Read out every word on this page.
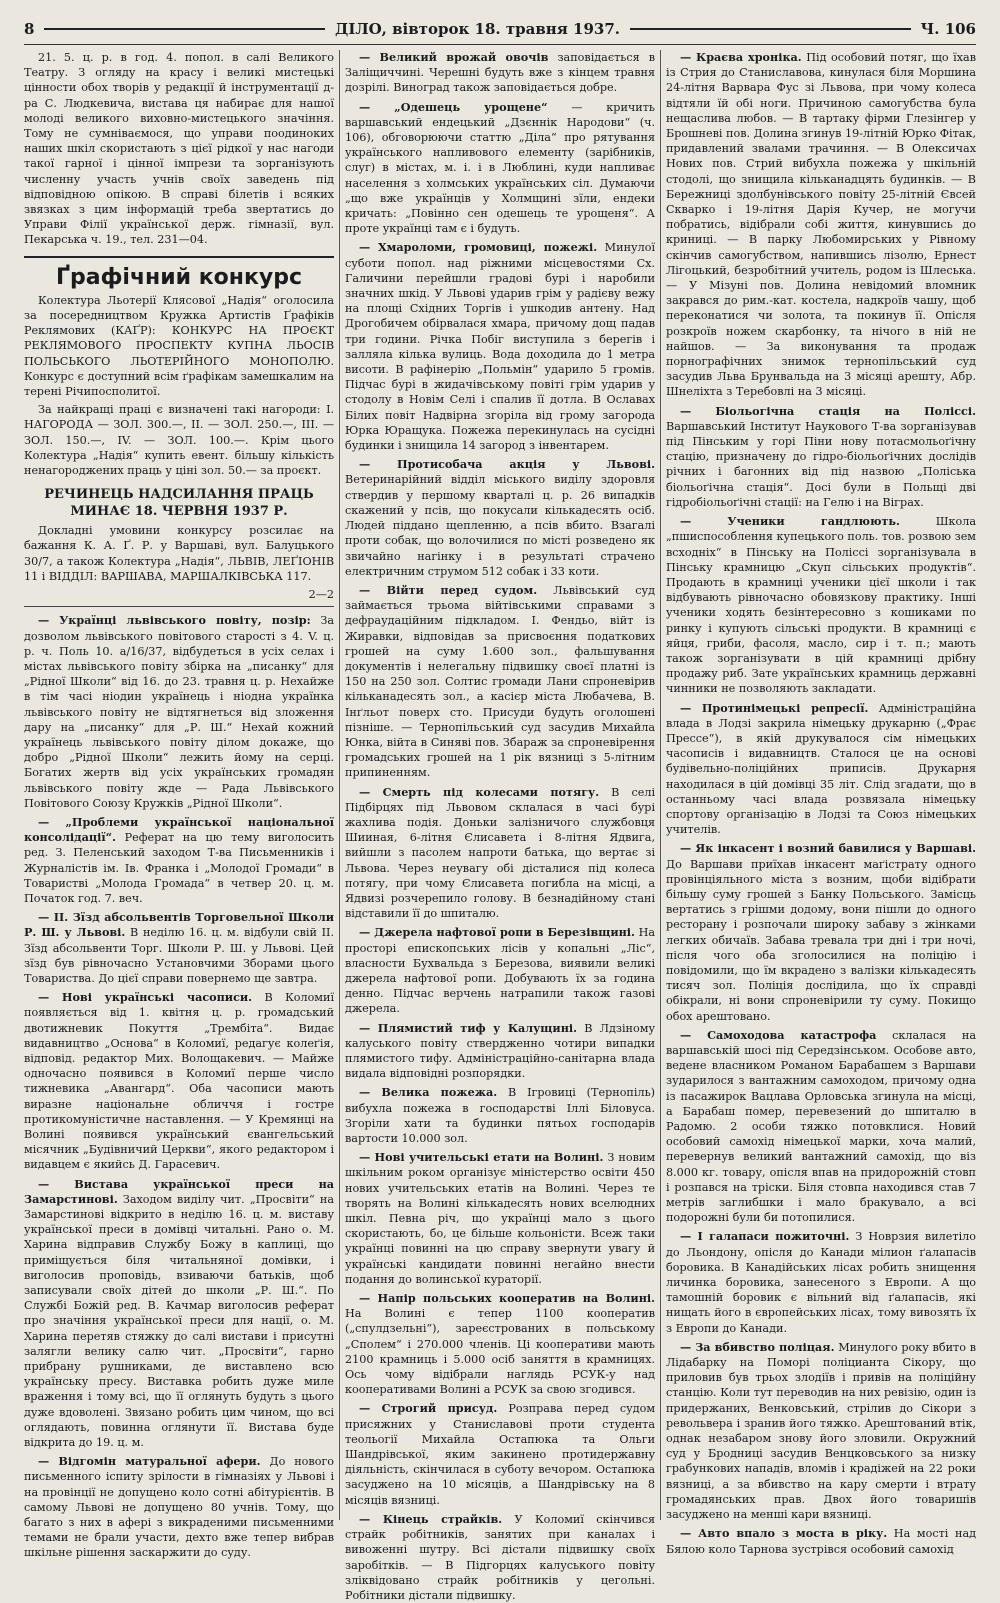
8	ДІЛО, вівторок 18. травня 1937.	Ч. 106

21. 5. ц. р. в год. 4. попол. в салі Великого Театру. З огляду на красу і великі мистецькі цінности обох творів у редакції й інструментації д-ра С. Людкевича, вистава ця набирає для нашої молоді великого виховно-мистецького значіння. Тому не сумніваємося, що управи поодиноких наших шкіл скористають з цієї рідкої у нас нагоди такої гарної і цінної імпрези та зорганізують численну участь учнів своїх заведень під відповідною опікою. В справі білетів і всяких звязках з цим інформацій треба звертатись до Управи Філії української держ. гімназії, вул. Пекарська ч. 19., тел. 231—04.

Ґрафічний конкурс

Колектура Льотерії Клясової „Надія“ оголосила за посередництвом Кружка Артистів Ґрафіків Реклямових (КАҐР): КОНКУРС НА ПРОЄКТ РЕКЛЯМОВОГО ПРОСПЕКТУ КУПНА ЛЬОСІВ ПОЛЬСЬКОГО ЛЬОТЕРІЙНОГО МОНОПОЛЮ. Конкурс є доступний всім ґрафікам замешкалим на терені Річипосполитої.

За найкращі праці є визначені такі нагороди: І. НАГОРОДА — ЗОЛ. 300.—, ІІ. — ЗОЛ. 250.—, ІІІ. — ЗОЛ. 150.—, IV. — ЗОЛ. 100.—. Крім цього Колектура „Надія“ купить евент. більшу кількість ненагороджених праць у ціні зол. 50.— за проєкт.

РЕЧИНЕЦЬ НАДСИЛАННЯ ПРАЦЬ МИНАЄ 18. ЧЕРВНЯ 1937 Р.

Докладні умовини конкурсу розсилає на бажання К. А. Ґ. Р. у Варшаві, вул. Балуцького 30/7, а також Колектура „Надія“, ЛЬВІВ, ЛЕҐІОНІВ 11 і ВІДДІЛ: ВАРШАВА, МАРШАЛКІВСЬКА 117.

2—2

— Українці львівського повіту, позір: За дозволом львівського повітового старості з 4. V. ц. р. ч. Поль 10. а/16/37, відбудеться в усіх селах і містах львівського повіту збірка на „писанку“ для „Рідної Школи“ від 16. до 23. травня ц. р. Нехайже в тім часі ніодин українець і ніодна українка львівського повіту не відтягнеться від зложення дару на „писанку“ для „Р. Ш.“ Нехай кожний українець львівського повіту ділом докаже, що добро „Рідної Школи“ лежить йому на серці. Богатих жертв від усіх українських громадян львівського повіту жде — Рада Львівського Повітового Союзу Кружків „Рідної Школи“.

— „Проблеми української національної консолідації“. Реферат на цю тему виголосить ред. З. Пеленський заходом Т-ва Письменників і Журналістів ім. Ів. Франка і „Молодої Громади“ в Товаристві „Молода Громада“ в четвер 20. ц. м. Початок год. 7. веч.

— II. Зїзд абсольвентів Торговельної Школи Р. Ш. у Львові. В неділю 16. ц. м. відбули свій ІІ. Зїзд абсольвенти Торг. Школи Р. Ш. у Львові. Цей зїзд був рівночасно Установчими Зборами цього Товариства. До цієї справи повернемо ще завтра.

— Нові українські часописи. В Коломиї появляється від 1. квітня ц. р. громадський двотижневик Покуття „Трембіта“. Видає видавництво „Основа“ в Коломиї, редагує колеґія, відповід. редактор Мих. Волощакевич. — Майже одночасно появився в Коломиї перше число тижневика „Авангард“. Оба часописи мають виразне національне обличчя і гостре протикомуністичне наставлення. — У Кремянці на Волині появився український євангельський місячник „Будівничий Церкви“, якого редактором і видавцем є якийсь Д. Гарасевич.

— Вистава української преси на Замарстинові. Заходом виділу чит. „Просвіти“ на Замарстинові відкрито в неділю 16. ц. м. виставу української преси в домівці читальні. Рано о. М. Харина відправив Службу Божу в каплиці, що приміщується біля читальняної домівки, і виголосив проповідь, взиваючи батьків, щоб записували своїх дітей до школи „Р. Ш.“. По Службі Божій ред. В. Качмар виголосив реферат про значіння української преси для нації, о. М. Харина перетяв стяжку до салі вистави і присутні залягли велику салю чит. „Просвіти“, гарно прибрану рушниками, де виставлено всю українську пресу. Виставка робить дуже миле враження і тому всі, що її оглянуть будуть з цього дуже вдоволені. Звязано робить цим чином, що всі оглядають, повинна оглянути її. Вистава буде відкрита до 19. ц. м.

— Відгомін матуральної афери. До нового письменного іспиту зрілости в гімназіях у Львові і на провінції не допущено коло сотні абітурієнтів. В самому Львові не допущено 80 учнів. Тому, що багато з них в афері з викраденими письменними темами не брали участи, дехто вже тепер вибрав шкільне рішення заскаржити до суду.

— Великий врожай овочів заповідається в Заліщиччині. Черешні будуть вже з кінцем травня дозрілі. Виноград також заповідається добре.

— „Одешець урощене“ — кричить варшавський ендецький „Дзєннік Народови“ (ч. 106), обговорюючи статтю „Діла“ про рятування українського напливового елементу (зарібників, слуг) в містах, м. і. і в Люблині, куди напливає населення з холмських українських сіл. Думаючи „що вже українців у Холмщині зїли, ендеки кричать: „Повінно сен одешець те урощеня“. А проте українці там є і будуть.

— Хмароломи, громовиці, пожежі. Минулої суботи попол. над ріжними місцевостями Сх. Галичини перейшли градові бурі і наробили значних шкід. У Львові ударив грім у радієву вежу на площі Східних Торгів і ушкодив антену. Над Дрогобичем обірвалася хмара, причому дощ падав три години. Річка Побіг виступила з берегів і залляла кілька вулиць. Вода доходила до 1 метра висоти. В рафінерію „Польмін“ ударило 5 громів. Підчас бурі в жидачівському повіті грім ударив у стодолу в Новім Селі і спалив її дотла. В Ославах Білих повіт Надвірна згоріла від грому загорода Юрка Юращука. Пожежа перекинулась на сусідні будинки і знищила 14 загород з інвентарем.

— Протисобача акція у Львові. Ветеринарійний відділ міського виділу здоровля ствердив у першому кварталі ц. р. 26 випадків скажений у псів, що покусали кількадесять осіб. Людей піддано щепленню, а псів вбито. Взагалі проти собак, що волочилися по місті розведено як звичайно нагінку і в результаті страчено електричним струмом 512 собак і 33 коти.

— Війти перед судом. Львівський суд займається трьома війтівськими справами з дефраудаційним підкладом. І. Фендьо, війт із Жиравки, відповідав за присвоєння податкових грошей на суму 1.600 зол., фальшування документів і нелегальну підвишку своєї платні із 150 на 250 зол. Солтис громади Лани спроневірив кільканадесять зол., а касієр міста Любачева, В. Інґльот поверх сто. Присуди будуть оголошені пізніше. — Тернопільський суд засудив Михайла Юнка, війта в Синяві пов. Збараж за спроневірення громадських грошей на 1 рік вязниці з 5-літним припиненням.

— Смерть під колесами потягу. В селі Підбірцях під Львовом склалася в часі бурі жахлива подія. Доньки залізничого службовця Шииная, 6-літня Єлисавета і 8-літня Ядвига, вийшли з пасолем напроти батька, що вертає зі Львова. Через неувагу обі дісталися під колеса потягу, при чому Єлисавета погибла на місці, а Ядвизі розчерепило голову. В безнадійному стані відставили її до шпиталю.

— Джерела нафтової ропи в Березівщині. На просторі епископських лісів у копальні „Ліс“, власности Бухвальда з Березова, виявили великі джерела нафтової ропи. Добувають їх за година денно. Підчас верчень натрапили також газові джерела.

— Плямистий тиф у Калущині. В Лдзіному калуського повіту ствердженно чотири випадки плямистого тифу. Адміністраційно-санітарна влада видала відповідні розпорядки.

— Велика пожежа. В Ігровиці (Тернопіль) вибухла пожежа в господарстві Іллі Біловуса. Згоріли хати та будинки пятьох господарів вартости 10.000 зол.

— Нові учительські етати на Волині. З новим шкільним роком організує міністерство освіти 450 нових учительських етатів на Волині. Через те творять на Волині кількадесять нових вселюдних шкіл. Певна річ, що українці мало з цього скористають, бо, це більше кольоністи. Всеж таки українці повинні на цю справу звернути увагу й українські кандидати повинні негайно внести подання до волинської кураторії.

— Напір польських кооператив на Волині. На Волині є тепер 1100 кооператив („спулдзельні“), зареєстрованих в польському „Сполем“ і 270.000 членів. Ці кооперативи мають 2100 крамниць і 5.000 осіб заняття в крамницях. Ось чому відібрали наглядь РСУК-у над кооперативами Волині а РСУК за свою згодився.

— Строгий присуд. Розправа перед судом присяжних у Станиславові проти студента теольогії Михайла Остапюка та Ольги Шандрівської, яким закинено протидержавну діяльність, скінчилася в суботу вечором. Остапюка засуджено на 10 місяців, а Шандрівську на 8 місяців вязниці.

— Кінець страйків. У Коломиї скінчився страйк робітників, занятих при каналах і вивоженні шутру. Всі дістали підвишку своїх заробітків. — В Підгорцях калуського повіту зліквідовано страйк робітників у цегольні. Робітники дістали підвишку.

— Краєва хроніка. Під особовий потяг, що їхав із Стрия до Станиславова, кинулася біля Моршина 24-літня Варвара Фус зі Львова, при чому колеса відтяли їй обі ноги. Причиною самогубства була нещаслива любов. — В тартаку фірми Глезінгер у Брошневі пов. Долина згинув 19-літній Юрко Фітак, придавлений звалами трачиння. — В Олексичах Нових пов. Стрий вибухла пожежа у шкільній стодолі, що знищила кільканадцять будинків. — В Бережниці здолбунівського повіту 25-літній Євсей Скварко і 19-літня Дарія Кучер, не могучи побратись, відібрали собі життя, кинувшись до криниці. — В парку Любомирських у Рівному скінчив самогубством, напившись лізолю, Ернест Лігоцький, безробітний учитель, родом із Шлеська. — У Мізуні пов. Долина невідомий вломник закрався до рим.-кат. костела, надкроїв чашу, щоб переконатися чи золота, та покинув її. Опісля розкроїв ножем скарбонку, та нічого в ній не найшов. — За виконування та продаж порнографічних знимок тернопільський суд засудив Льва Брунвальда на 3 місяці арешту, Абр. Шнеліхта з Теребовлі на 3 місяці.

— Біольогічна стація на Поліссі. Варшавський Інститут Наукового Т-ва зорганізував під Пінським у горі Піни нову потасмольоґічну стацію, призначену до гідро-біольоґічних дослідів річних і багонних від під назвою „Поліська біольоґічна стація“. Досі були в Польщі дві гідробіольоґічні стації: на Гелю і на Віграх.

— Ученики гандлюють. Школа „пшиспособлення купецького поль. тов. розвою зем всходніх“ в Пінську на Поліссі зорганізувала в Пінську крамницю „Скуп сільських продуктів“. Продають в крамниці ученики цієї школи і так відбувають рівночасно обовязкову практику. Інші ученики ходять безінтересовно з кошиками по ринку і купують сільські продукти. В крамниці є яйця, гриби, фасоля, масло, сир і т. п.; мають також зорганізувати в цій крамниці дрібну продажу риб. Зате українських крамниць державні чинники не позволяють закладати.

— Протинімецькі репресії. Адміністраційна влада в Лодзі закрила німецьку друкарню („Фрає Прессе“), в якій друкувалося сім німецьких часописів і видавництв. Сталося це на основі будівельно-поліційних приписів. Друкарня находилася в цій домівці 35 літ. Слід згадати, що в останньому часі влада розвязала німецьку спортову організацію в Лодзі та Союз німецьких учителів.

— Як інкасент і возний бавилися у Варшаві. До Варшави приїхав інкасент маґістрату одного провінціяльного міста з возним, щоби відібрати більшу суму грошей з Банку Польського. Замісць вертатись з грішми додому, вони пішли до одного ресторану і розпочали широку забаву з жінками легких обичаїв. Забава тревала три дні і три ночі, після чого оба зголосилися на поліцію і повідомили, що їм вкрадено з валізки кількадесять тисяч зол. Поліція дослідила, що їх справді обікрали, ні вони спроневірили ту суму. Покищо обох арештовано.

— Самоходова катастрофа склалася на варшавській шосі під Середзінськом. Особове авто, ведене власником Романом Барабашем з Варшави зударилося з вантажним самоходом, причому одна із пасажирок Вацлава Орловська згинула на місці, а Барабаш помер, перевезений до шпиталю в Радомю. 2 особи тяжко потовклися. Новий особовий самохід німецької марки, хоча малий, перевернув великий вантажний самохід, що віз 8.000 кг. товару, опісля впав на придорожній стовп і розпався на тріски. Біля стовпа находився став 7 метрів заглибшки і мало бракувало, а всі подорожні були би потопилися.

— І галапаси пожиточні. З Новрзия вилетіло до Льондону, опісля до Канади мілион ґалапасів боровика. В Канадійських лісах робить знищення личинка боровика, занесеного з Европи. А що тамошній боровик є вільний від ґалапасів, які нищать його в європейських лісах, тому вивозять їх з Европи до Канади.

— За вбивство поліцая. Минулого року вбито в Лідабарку на Поморі поліцианта Сікору, що приловив був трьох злодіїв і привів на поліційну станцію. Коли тут переводив на них ревізію, один із придержаних, Венковський, стрілив до Сікори з револьвера і зранив його тяжко. Арештований втік, однак незабаром знову його зловили. Окружний суд у Бродниці засудив Венцковського за низку грабункових нападів, вломів і крадіжей на 22 роки вязниці, а за вбивство на кару смерти і втрату громадянських прав. Двох його товаришів засуджено на менші кари вязниці.

— Авто впало з моста в ріку. На мості над Бялою коло Тарнова зустрівся особовий самохід
